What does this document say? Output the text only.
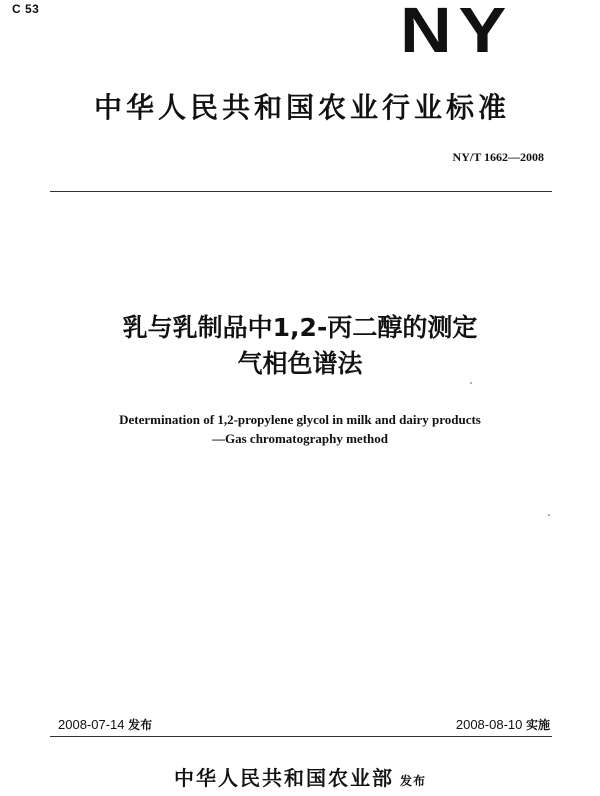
C 53	NY
中华人民共和国农业行业标准
NY/T 1662—2008
乳与乳制品中1,2-丙二醇的测定
气相色谱法
Determination of 1,2-propylene glycol in milk and dairy products
—Gas chromatography method
2008-07-14 发布	2008-08-10 实施
中华人民共和国农业部 发布
